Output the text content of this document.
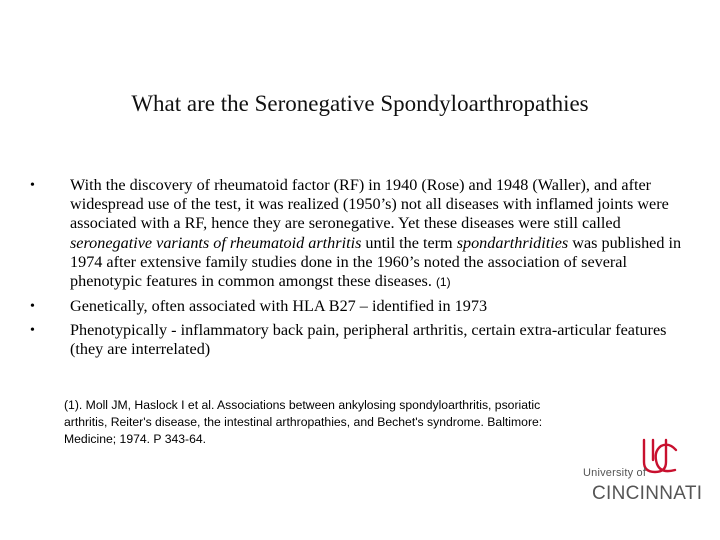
What are the Seronegative Spondyloarthropathies
• With the discovery of rheumatoid factor (RF) in 1940 (Rose) and 1948 (Waller), and after widespread use of the test, it was realized (1950’s) not all diseases with inflamed joints were associated with a RF, hence they are seronegative. Yet these diseases were still called seronegative variants of rheumatoid arthritis until the term spondarthridities was published in 1974 after extensive family studies done in the 1960’s noted the association of several phenotypic features in common amongst these diseases. (1)
• Genetically, often associated with HLA B27 – identified in 1973
• Phenotypically - inflammatory back pain, peripheral arthritis, certain extra-articular features (they are interrelated)
(1). Moll JM, Haslock I et al. Associations between ankylosing spondyloarthritis, psoriatic arthritis, Reiter's disease, the intestinal arthropathies, and Bechet's syndrome. Baltimore: Medicine; 1974. P 343-64.
University of
CINCINNATI
